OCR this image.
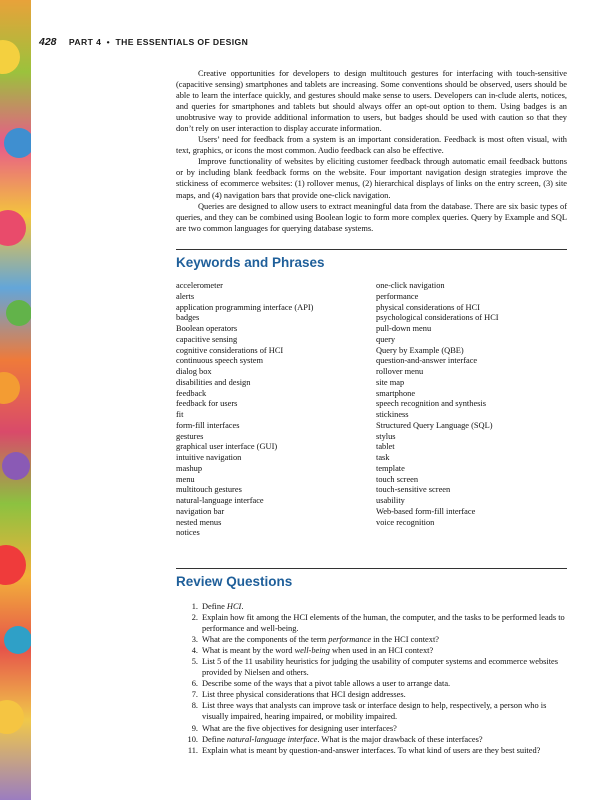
428 PART 4 • THE ESSENTIALS OF DESIGN

Creative opportunities for developers to design multitouch gestures for interfacing with touch-sensitive (capacitive sensing) smartphones and tablets are increasing. Some conventions should be observed, users should be able to learn the interface quickly, and gestures should make sense to users. Developers can in-clude alerts, notices, and queries for smartphones and tablets but should always offer an opt-out option to them. Using badges is an unobtrusive way to provide additional information to users, but badges should be used with caution so that they don’t rely on user interaction to display accurate information.

Users’ need for feedback from a system is an important consideration. Feedback is most often visual, with text, graphics, or icons the most common. Audio feedback can also be effective.

Improve functionality of websites by eliciting customer feedback through automatic email feedback buttons or by including blank feedback forms on the website. Four important navigation design strategies improve the stickiness of ecommerce websites: (1) rollover menus, (2) hierarchical displays of links on the entry screen, (3) site maps, and (4) navigation bars that provide one-click navigation.

Queries are designed to allow users to extract meaningful data from the database. There are six basic types of queries, and they can be combined using Boolean logic to form more complex queries. Query by Example and SQL are two common languages for querying database systems.

Keywords and Phrases
accelerometer
alerts
application programming interface (API)
badges
Boolean operators
capacitive sensing
cognitive considerations of HCI
continuous speech system
dialog box
disabilities and design
feedback
feedback for users
fit
form-fill interfaces
gestures
graphical user interface (GUI)
intuitive navigation
mashup
menu
multitouch gestures
natural-language interface
navigation bar
nested menus
notices
one-click navigation
performance
physical considerations of HCI
psychological considerations of HCI
pull-down menu
query
Query by Example (QBE)
question-and-answer interface
rollover menu
site map
smartphone
speech recognition and synthesis
stickiness
Structured Query Language (SQL)
stylus
tablet
task
template
touch screen
touch-sensitive screen
usability
Web-based form-fill interface
voice recognition
Review Questions
1. Define HCI.
2. Explain how fit among the HCI elements of the human, the computer, and the tasks to be performed leads to performance and well-being.
3. What are the components of the term performance in the HCI context?
4. What is meant by the word well-being when used in an HCI context?
5. List 5 of the 11 usability heuristics for judging the usability of computer systems and ecommerce websites provided by Nielsen and others.
6. Describe some of the ways that a pivot table allows a user to arrange data.
7. List three physical considerations that HCI design addresses.
8. List three ways that analysts can improve task or interface design to help, respectively, a person who is visually impaired, hearing impaired, or mobility impaired.
9. What are the five objectives for designing user interfaces?
10. Define natural-language interface. What is the major drawback of these interfaces?
11. Explain what is meant by question-and-answer interfaces. To what kind of users are they best suited?
